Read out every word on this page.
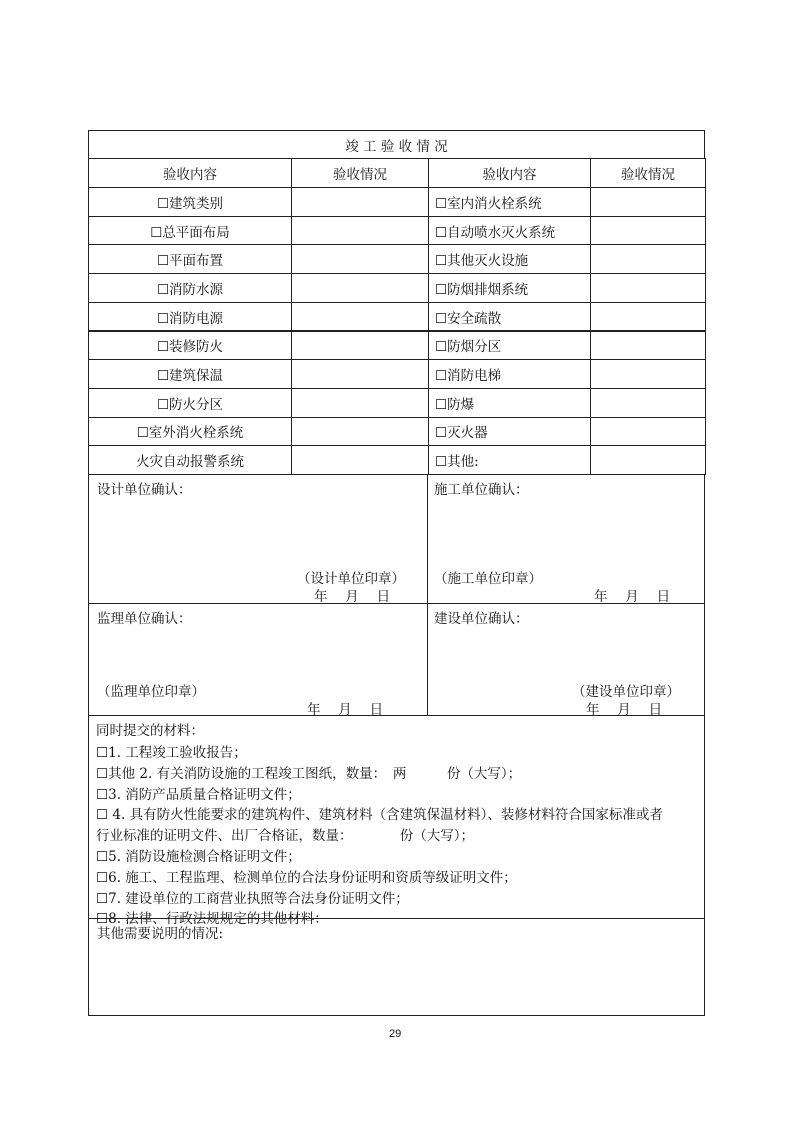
竣 工 验 收 情 况
验收内容	验收情况	验收内容	验收情况
☐建筑类别	☐室内消火栓系统
☐总平面布局	☐自动喷水灭火系统
☐平面布置	☐其他灭火设施
☐消防水源	☐防烟排烟系统
☐消防电源	☐安全疏散
☐装修防火	☐防烟分区
☐建筑保温	☐消防电梯
☐防火分区	☐防爆
☐室外消火栓系统	☐灭火器
火灾自动报警系统	☐其他:
设计单位确认：
（设计单位印章）
年　 月　 日
施工单位确认：
（施工单位印章）
年　 月　 日
监理单位确认：
（监理单位印章）
年　 月　 日
建设单位确认：
（建设单位印章）
年　 月　 日
同时提交的材料：
☐1. 工程竣工验收报告；
☐其他 2. 有关消防设施的工程竣工图纸，数量：　两　　　份（大写）；
☐3. 消防产品质量合格证明文件；
☐ 4. 具有防火性能要求的建筑构件、建筑材料（含建筑保温材料）、装修材料符合国家标准或者
行业标准的证明文件、出厂合格证，数量：　　　　份（大写）；
☐5. 消防设施检测合格证明文件；
☐6. 施工、工程监理、检测单位的合法身份证明和资质等级证明文件；
☐7. 建设单位的工商营业执照等合法身份证明文件；
☐8. 法律、行政法规规定的其他材料：
其他需要说明的情况:
29
